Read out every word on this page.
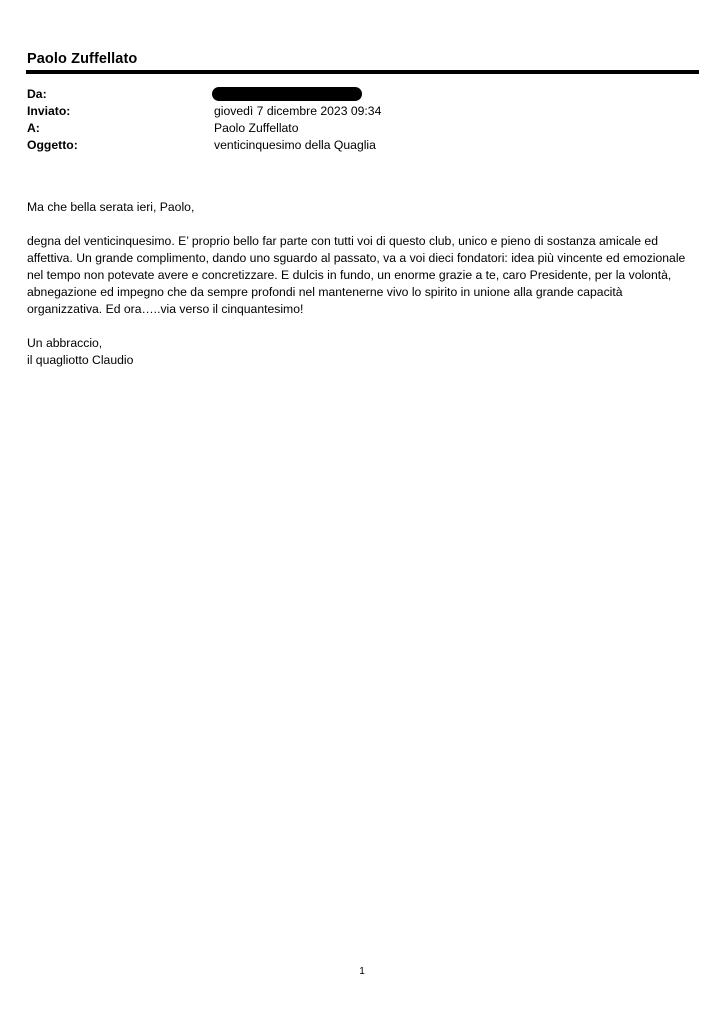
Paolo Zuffellato
Da:
Inviato:	giovedì 7 dicembre 2023 09:34
A:	Paolo Zuffellato
Oggetto:	venticinquesimo della Quaglia

Ma che bella serata ieri, Paolo,

degna del venticinquesimo. E’ proprio bello far parte con tutti voi di questo club, unico e pieno di sostanza amicale ed
affettiva. Un grande complimento, dando uno sguardo al passato, va a voi dieci fondatori: idea più vincente ed emozionale
nel tempo non potevate avere e concretizzare. E dulcis in fundo, un enorme grazie a te, caro Presidente, per la volontà,
abnegazione ed impegno che da sempre profondi nel mantenerne vivo lo spirito in unione alla grande capacità
organizzativa. Ed ora…..via verso il cinquantesimo!

Un abbraccio,
il quagliotto Claudio

1
